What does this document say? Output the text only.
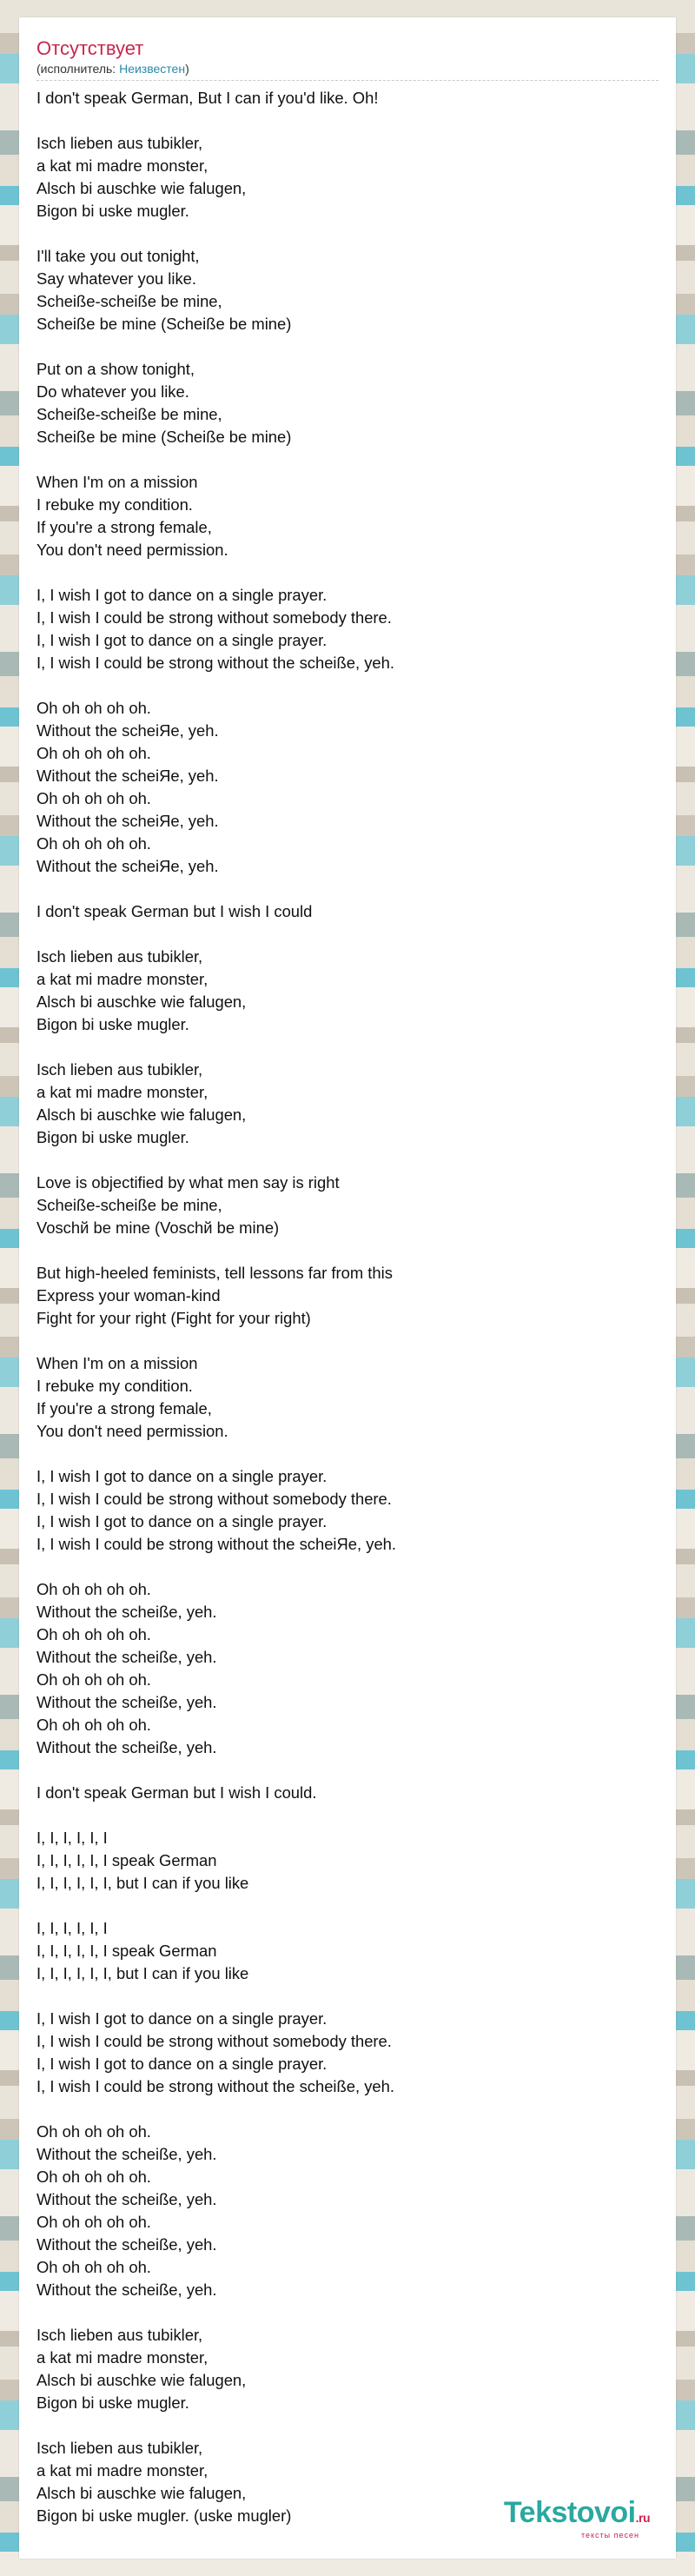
Отсутствует
(исполнитель: Неизвестен)
I don't speak German, But I can if you'd like. Oh!
Isch lieben aus tubikler,
a kat mi madre monster,
Alsch bi auschke wie falugen,
Bigon bi uske mugler.
I'll take you out tonight,
Say whatever you like.
Scheiße-scheiße be mine,
Scheiße be mine (Scheiße be mine)
Put on a show tonight,
Do whatever you like.
Scheiße-scheiße be mine,
Scheiße be mine (Scheiße be mine)
When I'm on a mission
I rebuke my condition.
If you're a strong female,
You don't need permission.
I, I wish I got to dance on a single prayer.
I, I wish I could be strong without somebody there.
I, I wish I got to dance on a single prayer.
I, I wish I could be strong without the scheiße, yeh.
Oh oh oh oh oh.
Without the scheiЯe, yeh.
Oh oh oh oh oh.
Without the scheiЯe, yeh.
Oh oh oh oh oh.
Without the scheiЯe, yeh.
Oh oh oh oh oh.
Without the scheiЯe, yeh.
I don't speak German but I wish I could
Isch lieben aus tubikler,
a kat mi madre monster,
Alsch bi auschke wie falugen,
Bigon bi uske mugler.
Isch lieben aus tubikler,
a kat mi madre monster,
Alsch bi auschke wie falugen,
Bigon bi uske mugler.
Love is objectified by what men say is right
Scheiße-scheiße be mine,
Voschй be mine (Voschй be mine)
But high-heeled feminists, tell lessons far from this
Express your woman-kind
Fight for your right (Fight for your right)
When I'm on a mission
I rebuke my condition.
If you're a strong female,
You don't need permission.
I, I wish I got to dance on a single prayer.
I, I wish I could be strong without somebody there.
I, I wish I got to dance on a single prayer.
I, I wish I could be strong without the scheiЯe, yeh.
Oh oh oh oh oh.
Without the scheiße, yeh.
Oh oh oh oh oh.
Without the scheiße, yeh.
Oh oh oh oh oh.
Without the scheiße, yeh.
Oh oh oh oh oh.
Without the scheiße, yeh.
I don't speak German but I wish I could.
I, I, I, I, I, I
I, I, I, I, I, I speak German
I, I, I, I, I, I, but I can if you like
I, I, I, I, I, I
I, I, I, I, I, I speak German
I, I, I, I, I, I, but I can if you like
I, I wish I got to dance on a single prayer.
I, I wish I could be strong without somebody there.
I, I wish I got to dance on a single prayer.
I, I wish I could be strong without the scheiße, yeh.
Oh oh oh oh oh.
Without the scheiße, yeh.
Oh oh oh oh oh.
Without the scheiße, yeh.
Oh oh oh oh oh.
Without the scheiße, yeh.
Oh oh oh oh oh.
Without the scheiße, yeh.
Isch lieben aus tubikler,
a kat mi madre monster,
Alsch bi auschke wie falugen,
Bigon bi uske mugler.
Isch lieben aus tubikler,
a kat mi madre monster,
Alsch bi auschke wie falugen,
Bigon bi uske mugler. (uske mugler)	Tekstovoi.ru
тексты песен
